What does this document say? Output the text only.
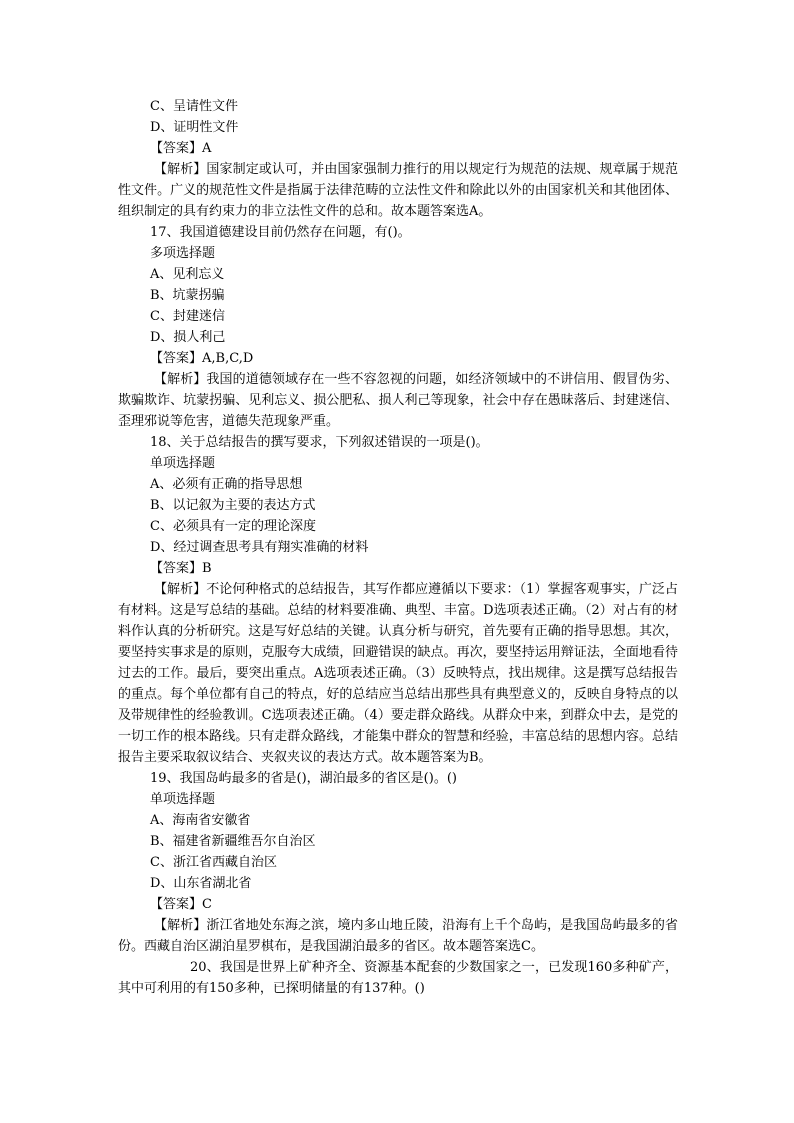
C、呈请性文件

D、证明性文件

【答案】A

【解析】国家制定或认可，并由国家强制力推行的用以规定行为规范的法规、规章属于规范性文件。广义的规范性文件是指属于法律范畴的立法性文件和除此以外的由国家机关和其他团体、组织制定的具有约束力的非立法性文件的总和。故本题答案选A。

17、我国道德建设目前仍然存在问题，有()。

多项选择题

A、见利忘义

B、坑蒙拐骗

C、封建迷信

D、损人利己

【答案】A,B,C,D

【解析】我国的道德领域存在一些不容忽视的问题，如经济领域中的不讲信用、假冒伪劣、欺骗欺诈、坑蒙拐骗、见利忘义、损公肥私、损人利己等现象，社会中存在愚昧落后、封建迷信、歪理邪说等危害，道德失范现象严重。

18、关于总结报告的撰写要求，下列叙述错误的一项是()。

单项选择题

A、必须有正确的指导思想

B、以记叙为主要的表达方式

C、必须具有一定的理论深度

D、经过调查思考具有翔实准确的材料

【答案】B

【解析】不论何种格式的总结报告，其写作都应遵循以下要求：（1）掌握客观事实，广泛占有材料。这是写总结的基础。总结的材料要准确、典型、丰富。D选项表述正确。（2）对占有的材料作认真的分析研究。这是写好总结的关键。认真分析与研究，首先要有正确的指导思想。其次，要坚持实事求是的原则，克服夸大成绩，回避错误的缺点。再次，要坚持运用辩证法，全面地看待过去的工作。最后，要突出重点。A选项表述正确。（3）反映特点，找出规律。这是撰写总结报告的重点。每个单位都有自己的特点，好的总结应当总结出那些具有典型意义的，反映自身特点的以及带规律性的经验教训。C选项表述正确。（4）要走群众路线。从群众中来，到群众中去，是党的一切工作的根本路线。只有走群众路线，才能集中群众的智慧和经验，丰富总结的思想内容。总结报告主要采取叙议结合、夹叙夹议的表达方式。故本题答案为B。

19、我国岛屿最多的省是()，湖泊最多的省区是()。()

单项选择题

A、海南省安徽省

B、福建省新疆维吾尔自治区

C、浙江省西藏自治区

D、山东省湖北省

【答案】C

【解析】浙江省地处东海之滨，境内多山地丘陵，沿海有上千个岛屿，是我国岛屿最多的省份。西藏自治区湖泊星罗棋布，是我国湖泊最多的省区。故本题答案选C。

20、我国是世界上矿种齐全、资源基本配套的少数国家之一，已发现160多种矿产，其中可利用的有150多种，已探明储量的有137种。()
